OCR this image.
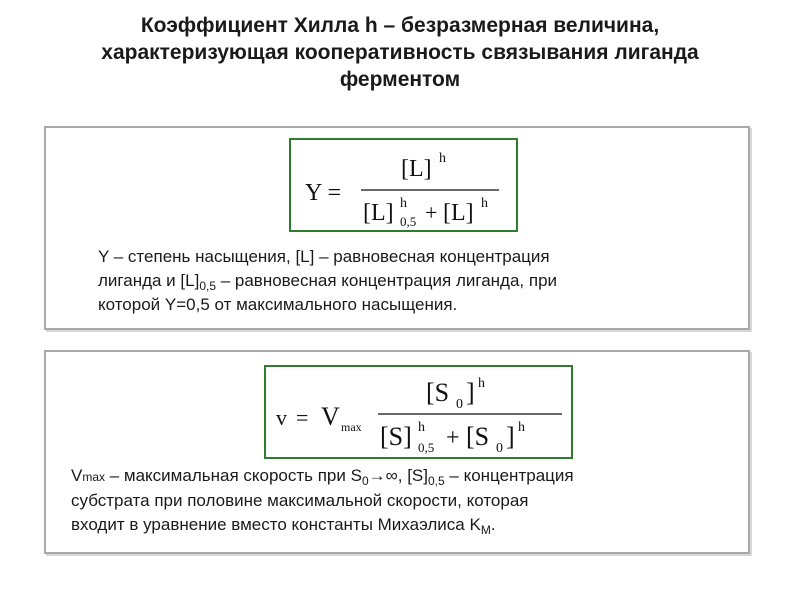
Коэффициент Хилла h – безразмерная величина,
характеризующая кооперативность связывания лиганда
ферментом
Y =
[L] h
[L] h
0,5 + [L] h
Y – степень насыщения, [L] – равновесная концентрация
лиганда и $[L]_{0,5}$ – равновесная концентрация лиганда, при
которой Y=0,5 от максимального насыщения.
v = V max
[S 0 ] h
[S] h
0,5 + [S 0 ] h
Vmax – максимальная скорость при $S_0\to\infty$, $[S]_{0,5}$ – концентрация
субстрата при половине максимальной скорости, которая
входит в уравнение вместо константы Михаэлиса $K_M$.
